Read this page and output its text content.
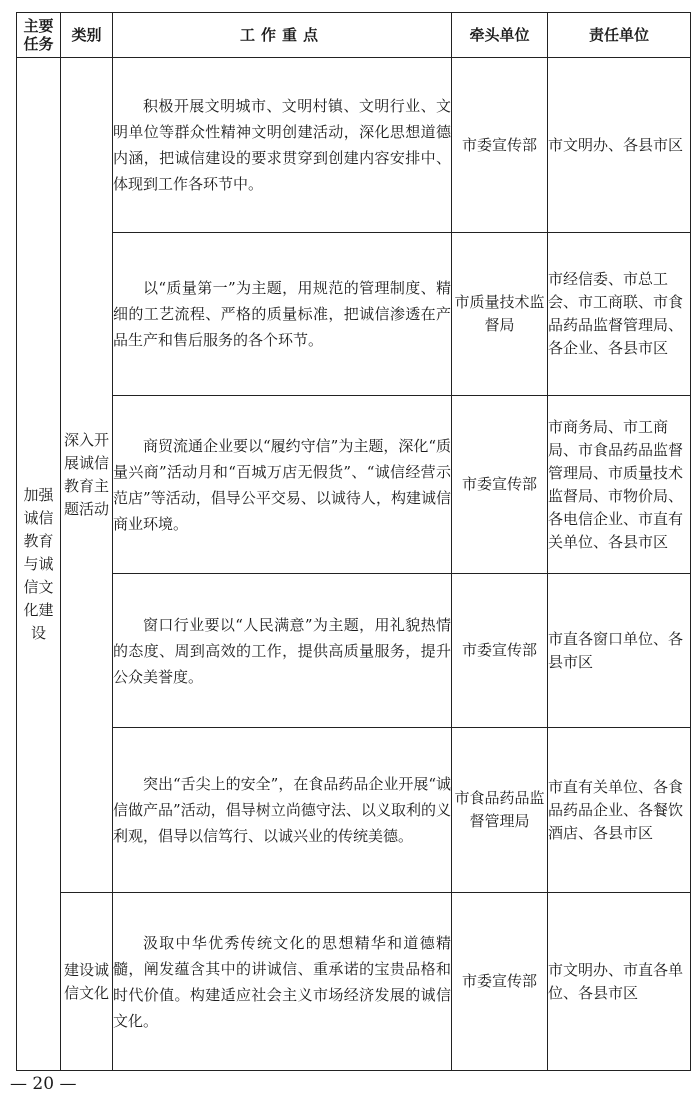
主要任务	类别	工作重点	牵头单位	责任单位
加强诚信教育与诚信文化建设	深入开展诚信教育主题活动	积极开展文明城市、文明村镇、文明行业、文明单位等群众性精神文明创建活动，深化思想道德内涵，把诚信建设的要求贯穿到创建内容安排中、体现到工作各环节中。	市委宣传部	市文明办、各县市区

		以“质量第一”为主题，用规范的管理制度、精细的工艺流程、严格的质量标准，把诚信渗透在产品生产和售后服务的各个环节。	市质量技术监督局	市经信委、市总工会、市工商联、市食品药品监督管理局、各企业、各县市区

		商贸流通企业要以“履约守信”为主题，深化“质量兴商”活动月和“百城万店无假货”、“诚信经营示范店”等活动，倡导公平交易、以诚待人，构建诚信商业环境。	市委宣传部	市商务局、市工商局、市食品药品监督管理局、市质量技术监督局、市物价局、各电信企业、市直有关单位、各县市区

		窗口行业要以“人民满意”为主题，用礼貌热情的态度、周到高效的工作，提供高质量服务，提升公众美誉度。	市委宣传部	市直各窗口单位、各县市区

		突出“舌尖上的安全”，在食品药品企业开展“诚信做产品”活动，倡导树立尚德守法、以义取利的义利观，倡导以信笃行、以诚兴业的传统美德。	市食品药品监督管理局	市直有关单位、各食品药品企业、各餐饮酒店、各县市区
	建设诚信文化	汲取中华优秀传统文化的思想精华和道德精髓，阐发蕴含其中的讲诚信、重承诺的宝贵品格和时代价值。构建适应社会主义市场经济发展的诚信文化。	市委宣传部	市文明办、市直各单位、各县市区
— 20 —
